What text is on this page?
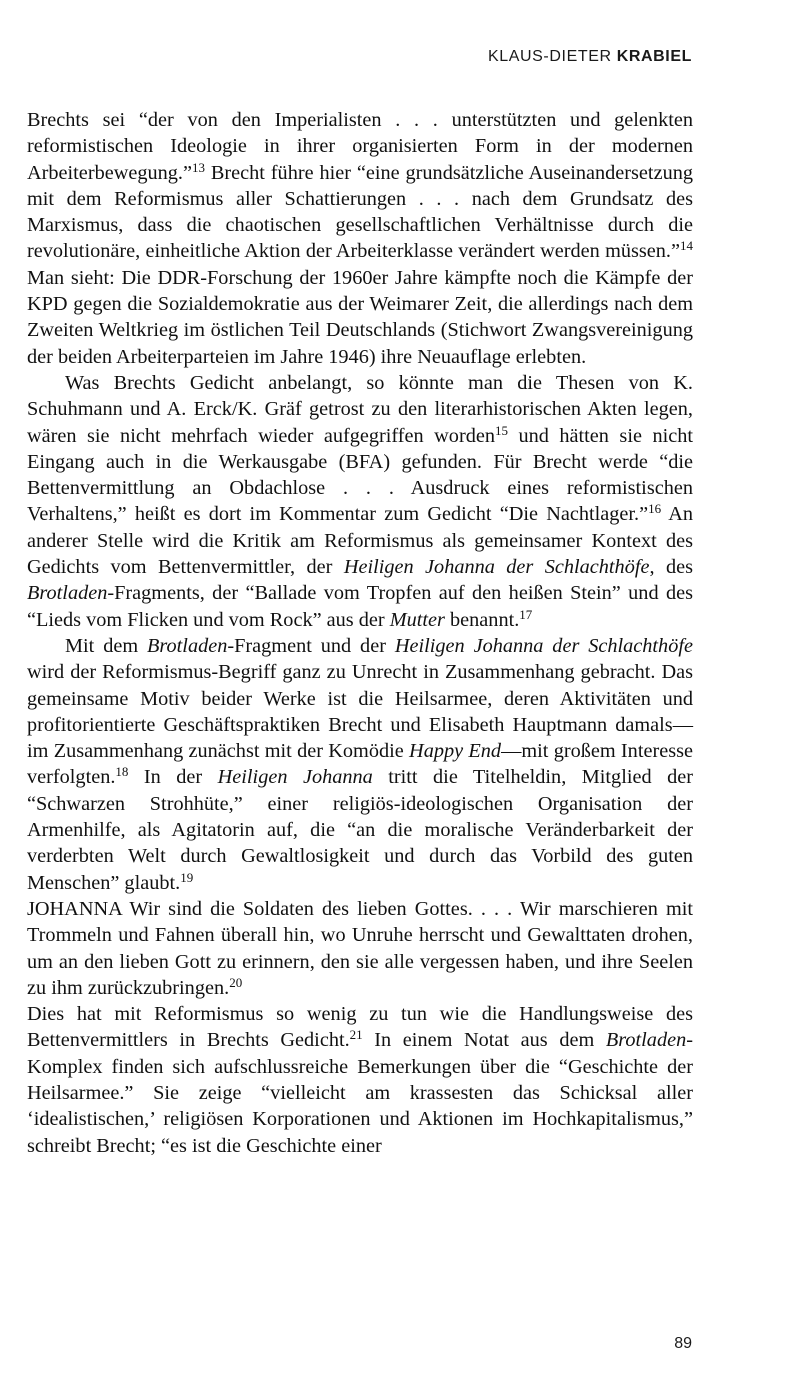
KLAUS-DIETER KRABIEL

Brechts sei “der von den Imperialisten . . . unterstützten und gelenkten reformistischen Ideologie in ihrer organisierten Form in der modernen Arbeiterbewegung.”$^{13}$ Brecht führe hier “eine grundsätzliche Auseinandersetzung mit dem Reformismus aller Schattierungen . . . nach dem Grundsatz des Marxismus, dass die chaotischen gesellschaftlichen Verhältnisse durch die revolutionäre, einheitliche Aktion der Arbeiterklasse verändert werden müssen.”$^{14}$ Man sieht: Die DDR-Forschung der 1960er Jahre kämpfte noch die Kämpfe der KPD gegen die Sozialdemokratie aus der Weimarer Zeit, die allerdings nach dem Zweiten Weltkrieg im östlichen Teil Deutschlands (Stichwort Zwangsvereinigung der beiden Arbeiterparteien im Jahre 1946) ihre Neuauflage erlebten.

Was Brechts Gedicht anbelangt, so könnte man die Thesen von K. Schuhmann und A. Erck/K. Gräf getrost zu den literarhistorischen Akten legen, wären sie nicht mehrfach wieder aufgegriffen worden$^{15}$ und hätten sie nicht Eingang auch in die Werkausgabe (BFA) gefunden. Für Brecht werde “die Bettenvermittlung an Obdachlose . . . Ausdruck eines reformistischen Verhaltens,” heißt es dort im Kommentar zum Gedicht “Die Nachtlager.”$^{16}$ An anderer Stelle wird die Kritik am Reformismus als gemeinsamer Kontext des Gedichts vom Bettenvermittler, der Heiligen Johanna der Schlachthöfe, des Brotladen-Fragments, der “Ballade vom Tropfen auf den heißen Stein” und des “Lieds vom Flicken und vom Rock” aus der Mutter benannt.$^{17}$

Mit dem Brotladen-Fragment und der Heiligen Johanna der Schlachthöfe wird der Reformismus-Begriff ganz zu Unrecht in Zusammenhang gebracht. Das gemeinsame Motiv beider Werke ist die Heilsarmee, deren Aktivitäten und profitorientierte Geschäftspraktiken Brecht und Elisabeth Hauptmann damals—im Zusammenhang zunächst mit der Komödie Happy End—mit großem Interesse verfolgten.$^{18}$ In der Heiligen Johanna tritt die Titelheldin, Mitglied der “Schwarzen Strohhüte,” einer religiös-ideologischen Organisation der Armenhilfe, als Agitatorin auf, die “an die moralische Veränderbarkeit der verderbten Welt durch Gewaltlosigkeit und durch das Vorbild des guten Menschen” glaubt.$^{19}$

JOHANNA Wir sind die Soldaten des lieben Gottes. . . . Wir marschieren mit Trommeln und Fahnen überall hin, wo Unruhe herrscht und Gewalttaten drohen, um an den lieben Gott zu erinnern, den sie alle vergessen haben, und ihre Seelen zu ihm zurückzubringen.$^{20}$

Dies hat mit Reformismus so wenig zu tun wie die Handlungsweise des Bettenvermittlers in Brechts Gedicht.$^{21}$ In einem Notat aus dem Brotladen-Komplex finden sich aufschlussreiche Bemerkungen über die “Geschichte der Heilsarmee.” Sie zeige “vielleicht am krassesten das Schicksal aller ‘idealistischen,’ religiösen Korporationen und Aktionen im Hochkapitalismus,” schreibt Brecht; “es ist die Geschichte einer

89
